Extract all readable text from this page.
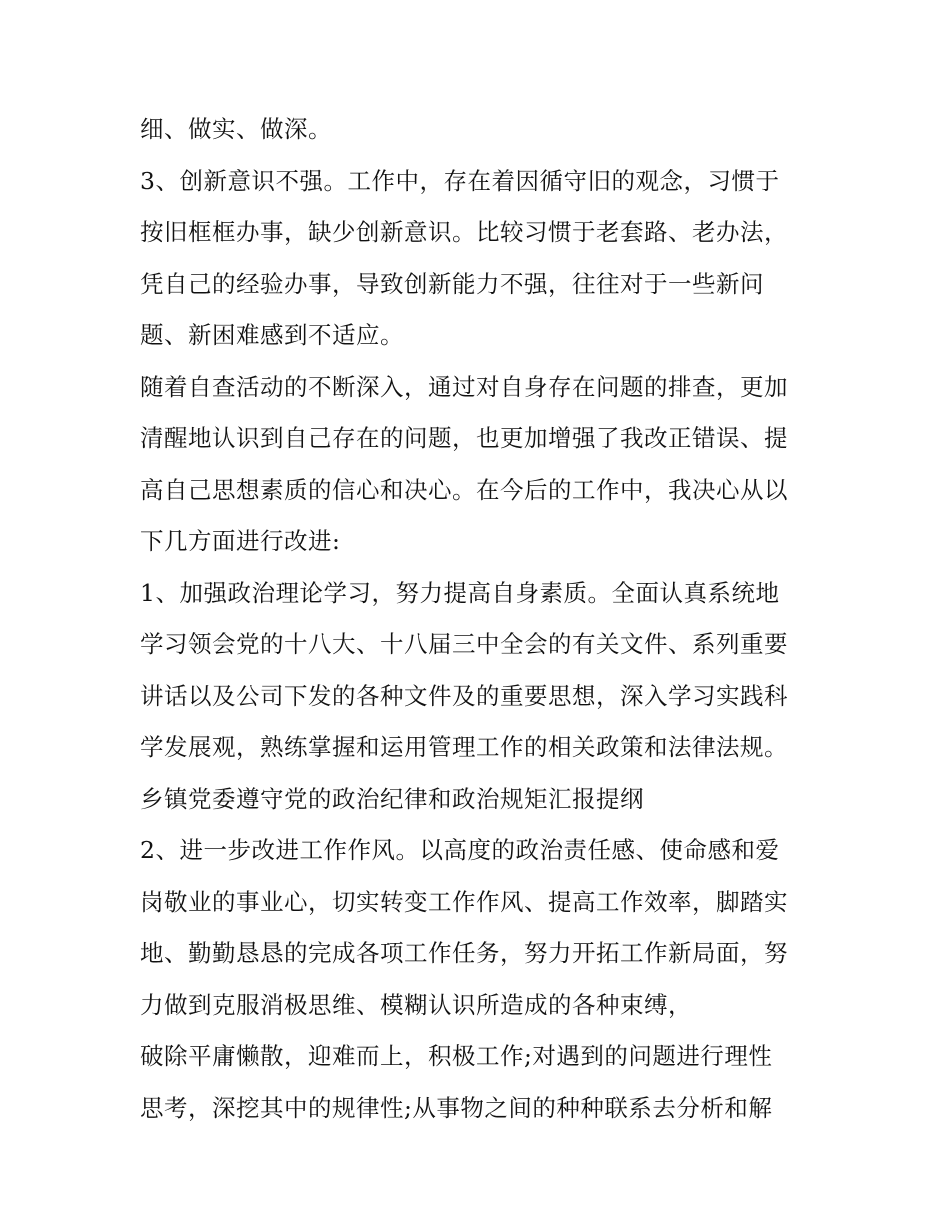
细、做实、做深。
3、创新意识不强。工作中，存在着因循守旧的观念，习惯于
按旧框框办事，缺少创新意识。比较习惯于老套路、老办法，
凭自己的经验办事，导致创新能力不强，往往对于一些新问
题、新困难感到不适应。
随着自查活动的不断深入，通过对自身存在问题的排查，更加
清醒地认识到自己存在的问题，也更加增强了我改正错误、提
高自己思想素质的信心和决心。在今后的工作中，我决心从以
下几方面进行改进:
1、加强政治理论学习，努力提高自身素质。全面认真系统地
学习领会党的十八大、十八届三中全会的有关文件、系列重要
讲话以及公司下发的各种文件及的重要思想，深入学习实践科
学发展观，熟练掌握和运用管理工作的相关政策和法律法规。
乡镇党委遵守党的政治纪律和政治规矩汇报提纲
2、进一步改进工作作风。以高度的政治责任感、使命感和爱
岗敬业的事业心，切实转变工作作风、提高工作效率，脚踏实
地、勤勤恳恳的完成各项工作任务，努力开拓工作新局面，努
力做到克服消极思维、模糊认识所造成的各种束缚，
破除平庸懒散，迎难而上，积极工作;对遇到的问题进行理性
思考，深挖其中的规律性;从事物之间的种种联系去分析和解
